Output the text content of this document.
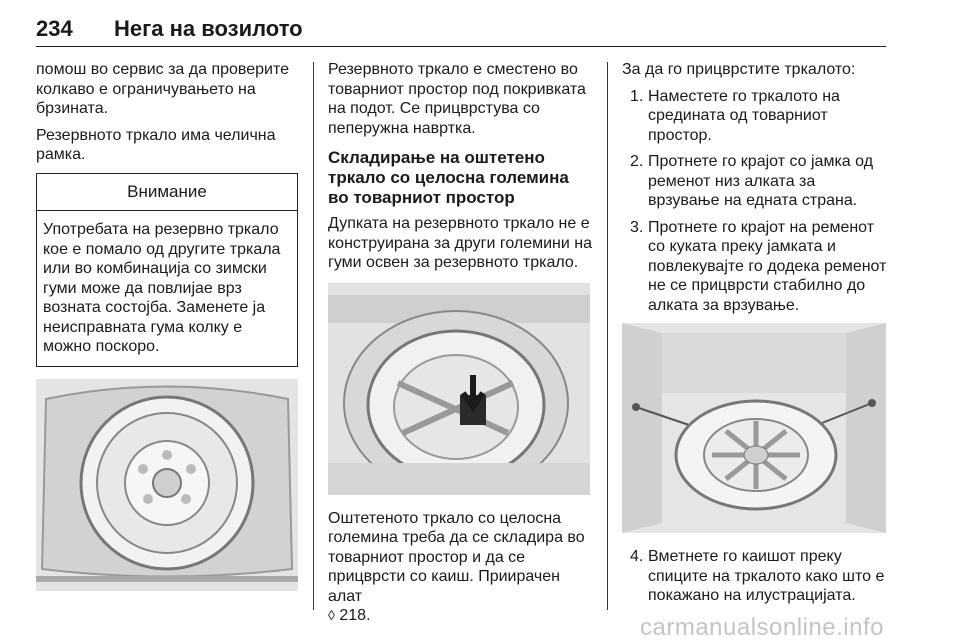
234 Нега на возилото

помош во сервис за да проверите колкаво е ограничувањето на брзината.

Резервното тркало има челична рамка.

Внимание
Употребата на резервно тркало кое е помало од другите тркала или во комбинација со зимски гуми може да повлијае врз возната состојба. Заменете ја неисправната гума колку е можно поскоро.

Резервното тркало е сместено во товарниот простор под покривката на подот. Се прицврстува со пеперужна навртка.

Складирање на оштетено тркало со целосна големина во товарниот простор

Дупката на резервното тркало не е конструирана за други големини на гуми освен за резервното тркало.

Оштетеното тркало со целосна големина треба да се складира во товарниот простор и да се прицврсти со каиш. Приирачен алат
◊ 218.

За да го прицврстите тркалото:

1. Наместете го тркалото на средината од товарниот простор.
2. Протнете го крајот со јамка од ременот низ алката за врзување на едната страна.
3. Протнете го крајот на ременот со куката преку јамката и повлекувајте го додека ременот не се прицврсти стабилно до алката за врзување.
4. Вметнете го каишот преку спиците на тркалото како што е покажано на илустрацијата.
carmanualsonline.info
